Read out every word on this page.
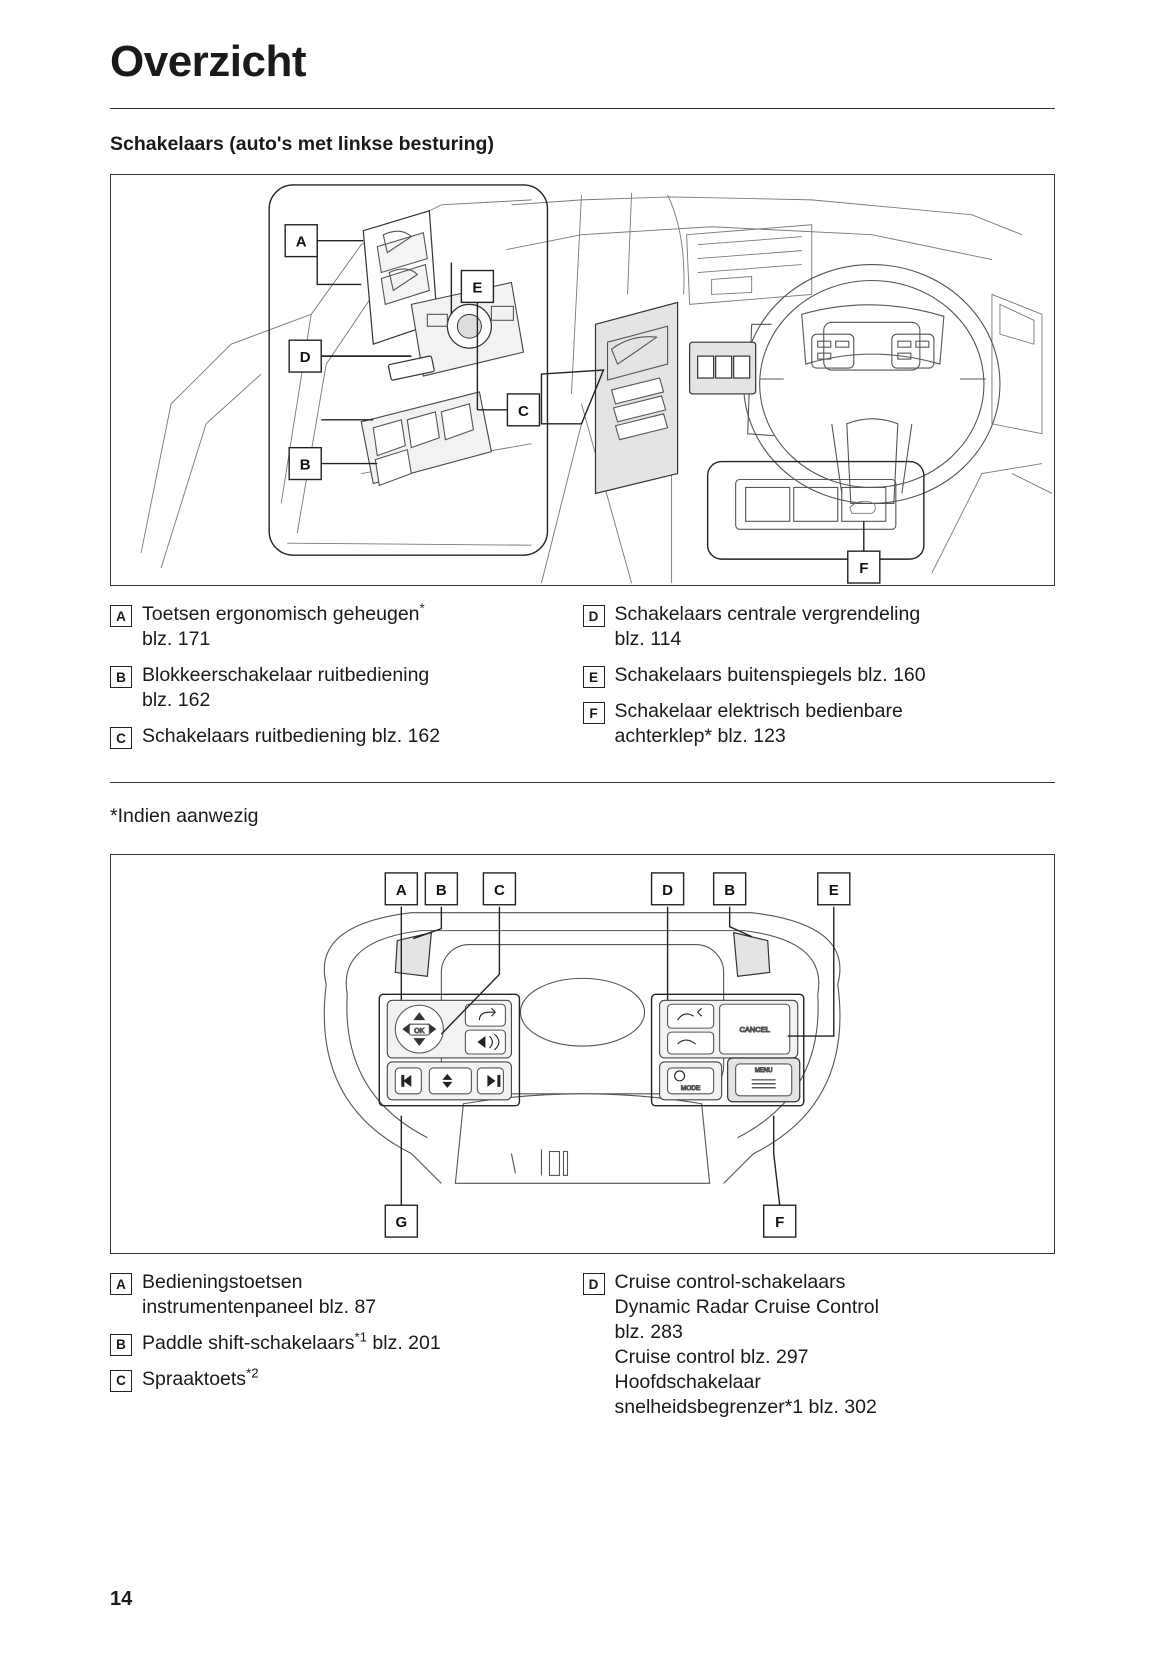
Overzicht
Schakelaars (auto's met linkse besturing)
A
E
D
B
C
F
A Toetsen ergonomisch geheugen*
blz. 171
B Blokkeerschakelaar ruitbediening
blz. 162
C Schakelaars ruitbediening blz. 162
D Schakelaars centrale vergrendeling
blz. 114
E Schakelaars buitenspiegels blz. 160
F Schakelaar elektrisch bedienbare
achterklep* blz. 123
*Indien aanwezig
OK	CANCEL
MODE
MENU
A B	C	D	B	E
G	F
A Bedieningstoetsen
instrumentenpaneel blz. 87
B Paddle shift-schakelaars$^{*1}$ blz. 201
C Spraaktoets$^{*2}$
D Cruise control-schakelaars
Dynamic Radar Cruise Control
blz. 283
Cruise control blz. 297
Hoofdschakelaar
snelheidsbegrenzer*1 blz. 302
14
